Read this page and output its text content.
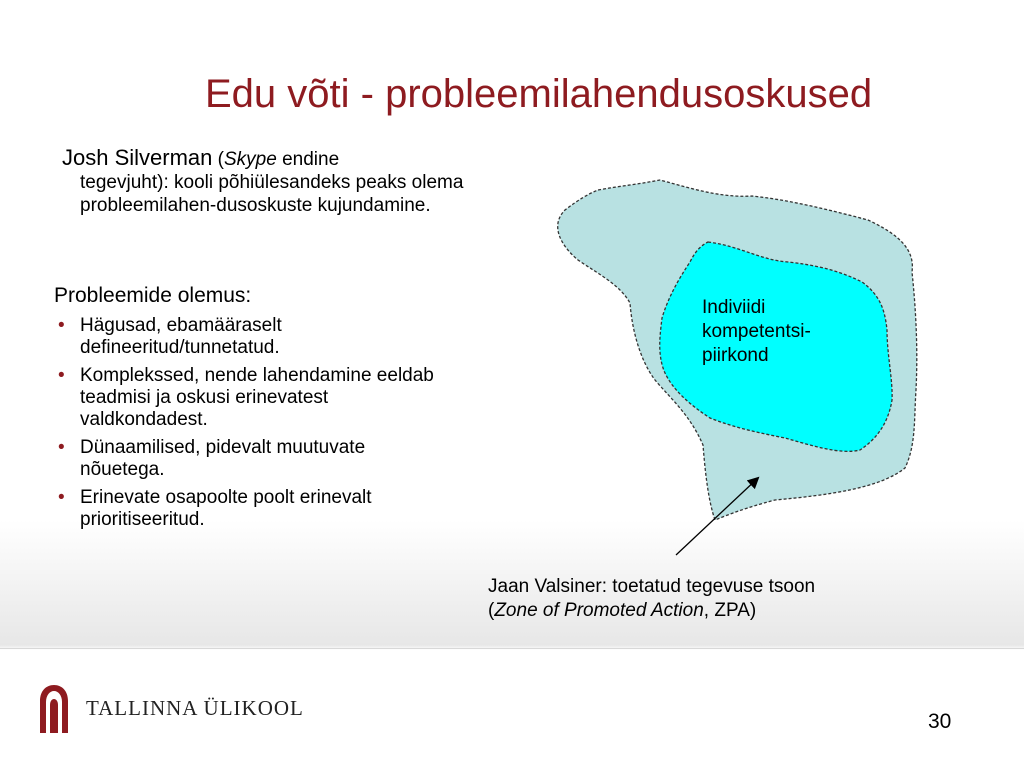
Edu võti - probleemilahendusoskused
Josh Silverman (Skype endine
tegevjuht): kooli põhiülesandeks peaks olema probleemilahen-dusoskuste kujundamine.
Probleemide olemus:
• Hägusad, ebamääraselt defineeritud/tunnetatud.
• Komplekssed, nende lahendamine eeldab teadmisi ja oskusi erinevatest valdkondadest.
• Dünaamilised, pidevalt muutuvate nõuetega.
• Erinevate osapoolte poolt erinevalt prioritiseeritud.
Indiviidi kompetentsi-piirkond
Jaan Valsiner: toetatud tegevuse tsoon
(Zone of Promoted Action, ZPA)
TALLINNA ÜLIKOOL
30
